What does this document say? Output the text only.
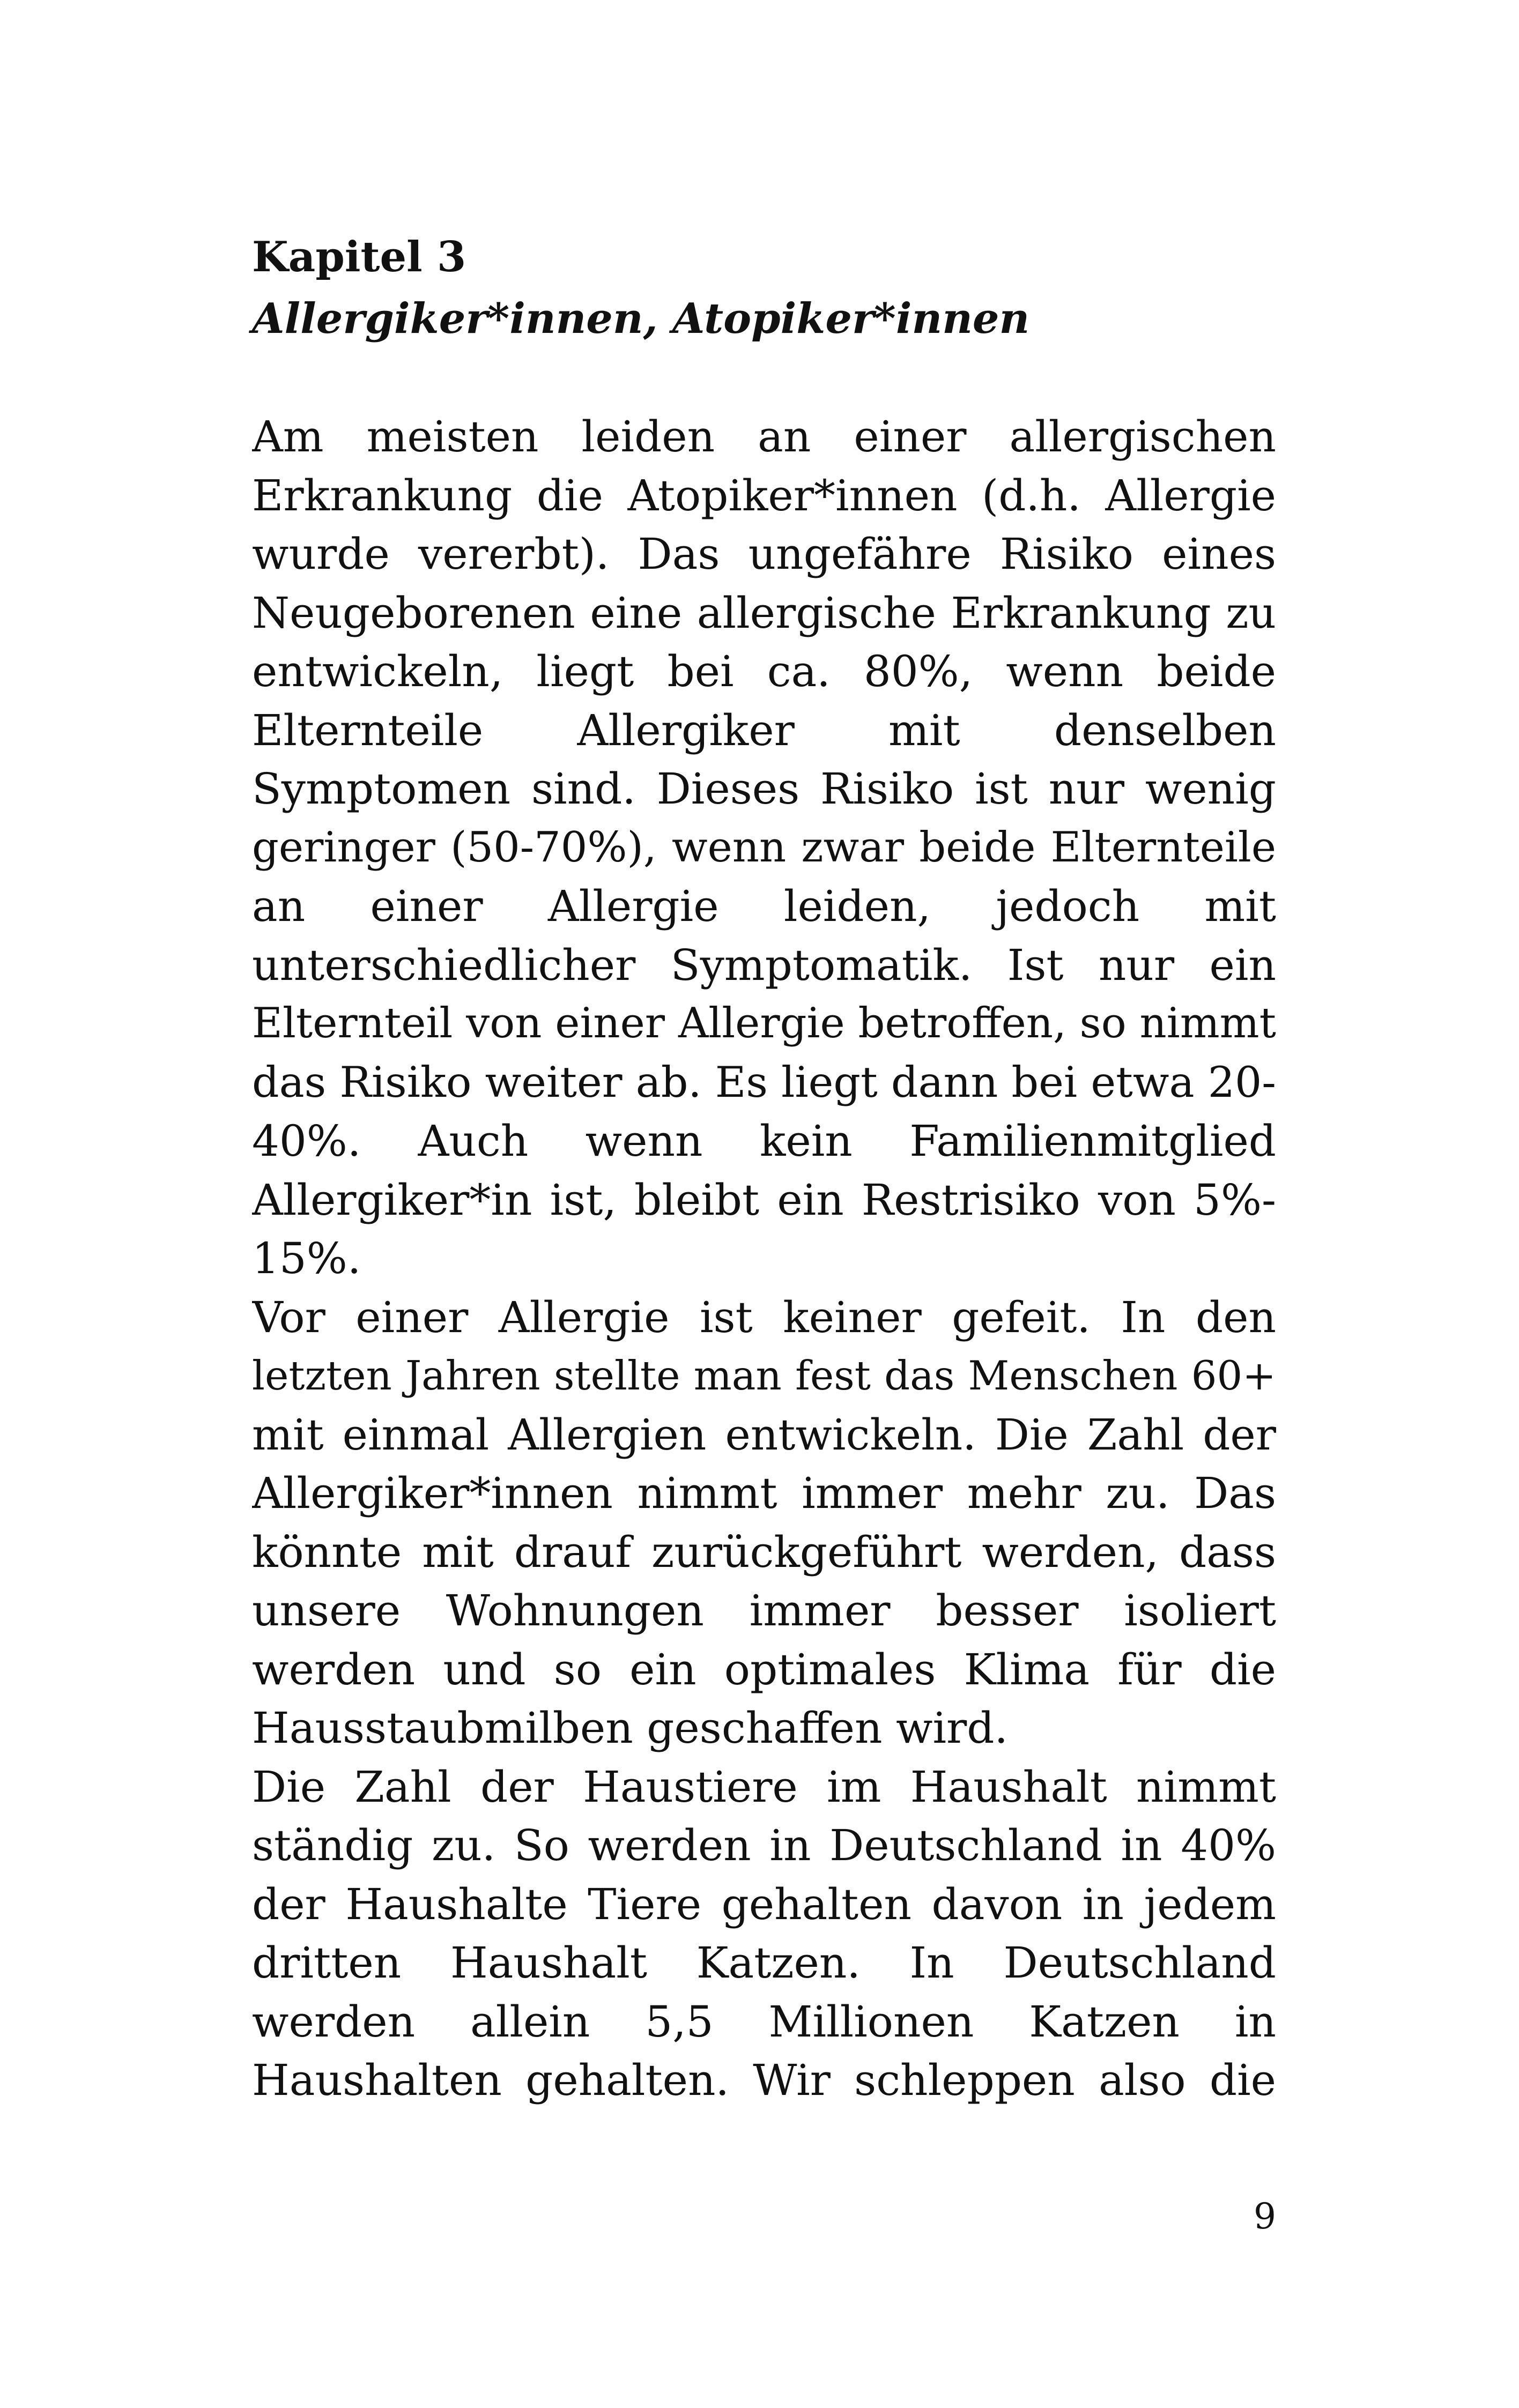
Kapitel 3
Allergiker*innen, Atopiker*innen
Am meisten leiden an einer allergischen
Erkrankung die Atopiker*innen (d.h. Allergie
wurde vererbt). Das ungefähre Risiko eines
Neugeborenen eine allergische Erkrankung zu
entwickeln, liegt bei ca. 80%, wenn beide
Elternteile Allergiker mit denselben
Symptomen sind. Dieses Risiko ist nur wenig
geringer (50-70%), wenn zwar beide Elternteile
an einer Allergie leiden, jedoch mit
unterschiedlicher Symptomatik. Ist nur ein
Elternteil von einer Allergie betroffen, so nimmt
das Risiko weiter ab. Es liegt dann bei etwa 20-
40%. Auch wenn kein Familienmitglied
Allergiker*in ist, bleibt ein Restrisiko von 5%-
15%.
Vor einer Allergie ist keiner gefeit. In den
letzten Jahren stellte man fest das Menschen 60+
mit einmal Allergien entwickeln. Die Zahl der
Allergiker*innen nimmt immer mehr zu. Das
könnte mit drauf zurückgeführt werden, dass
unsere Wohnungen immer besser isoliert
werden und so ein optimales Klima für die
Hausstaubmilben geschaffen wird.
Die Zahl der Haustiere im Haushalt nimmt
ständig zu. So werden in Deutschland in 40%
der Haushalte Tiere gehalten davon in jedem
dritten Haushalt Katzen. In Deutschland
werden allein 5,5 Millionen Katzen in
Haushalten gehalten. Wir schleppen also die
9
